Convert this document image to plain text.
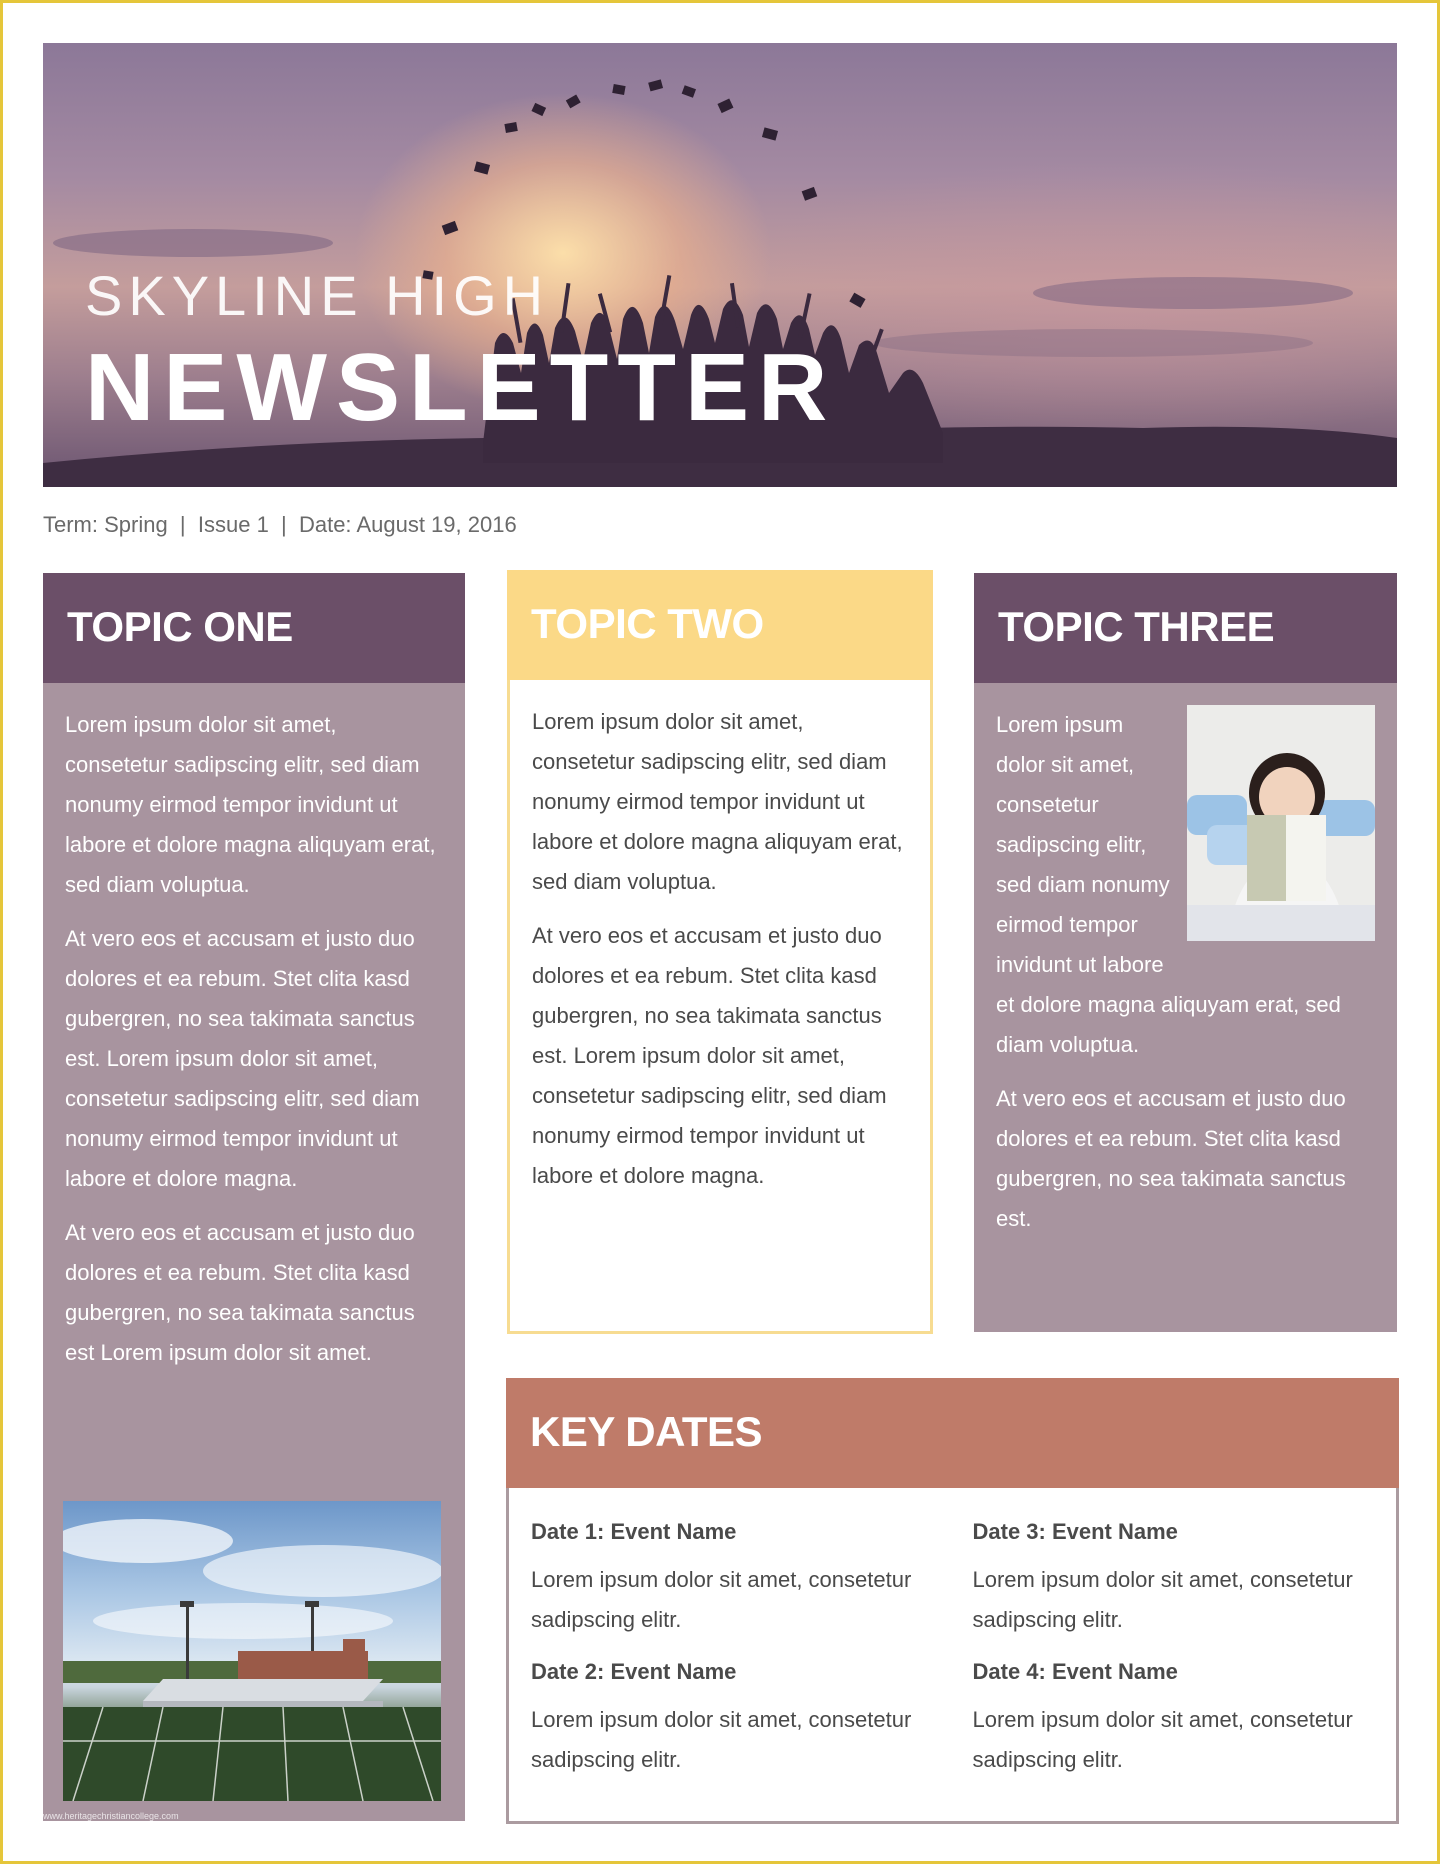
SKYLINE HIGH
NEWSLETTER
Term: Spring  |  Issue 1  |  Date: August 19, 2016
TOPIC ONE

Lorem ipsum dolor sit amet, consetetur sadipscing elitr, sed diam nonumy eirmod tempor invidunt ut labore et dolore magna aliquyam erat, sed diam voluptua.

At vero eos et accusam et justo duo dolores et ea rebum. Stet clita kasd gubergren, no sea takimata sanctus est. Lorem ipsum dolor sit amet, consetetur sadipscing elitr, sed diam nonumy eirmod tempor invidunt ut labore et dolore magna.

At vero eos et accusam et justo duo dolores et ea rebum. Stet clita kasd gubergren, no sea takimata sanctus est Lorem ipsum dolor sit amet.

www.heritagechristiancollege.com
TOPIC TWO

Lorem ipsum dolor sit amet, consetetur sadipscing elitr, sed diam nonumy eirmod tempor invidunt ut labore et dolore magna aliquyam erat, sed diam voluptua.

At vero eos et accusam et justo duo dolores et ea rebum. Stet clita kasd gubergren, no sea takimata sanctus est. Lorem ipsum dolor sit amet, consetetur sadipscing elitr, sed diam nonumy eirmod tempor invidunt ut labore et dolore magna.

TOPIC THREE

Lorem ipsum dolor sit amet, consetetur sadipscing elitr, sed diam nonumy eirmod tempor invidunt ut labore et dolore magna aliquyam erat, sed diam voluptua.

At vero eos et accusam et justo duo dolores et ea rebum. Stet clita kasd gubergren, no sea takimata sanctus est.

KEY DATES
Date 1: Event Name

Lorem ipsum dolor sit amet, consetetur sadipscing elitr.

Date 3: Event Name

Lorem ipsum dolor sit amet, consetetur sadipscing elitr.

Date 2: Event Name

Lorem ipsum dolor sit amet, consetetur sadipscing elitr.

Date 4: Event Name

Lorem ipsum dolor sit amet, consetetur sadipscing elitr.
